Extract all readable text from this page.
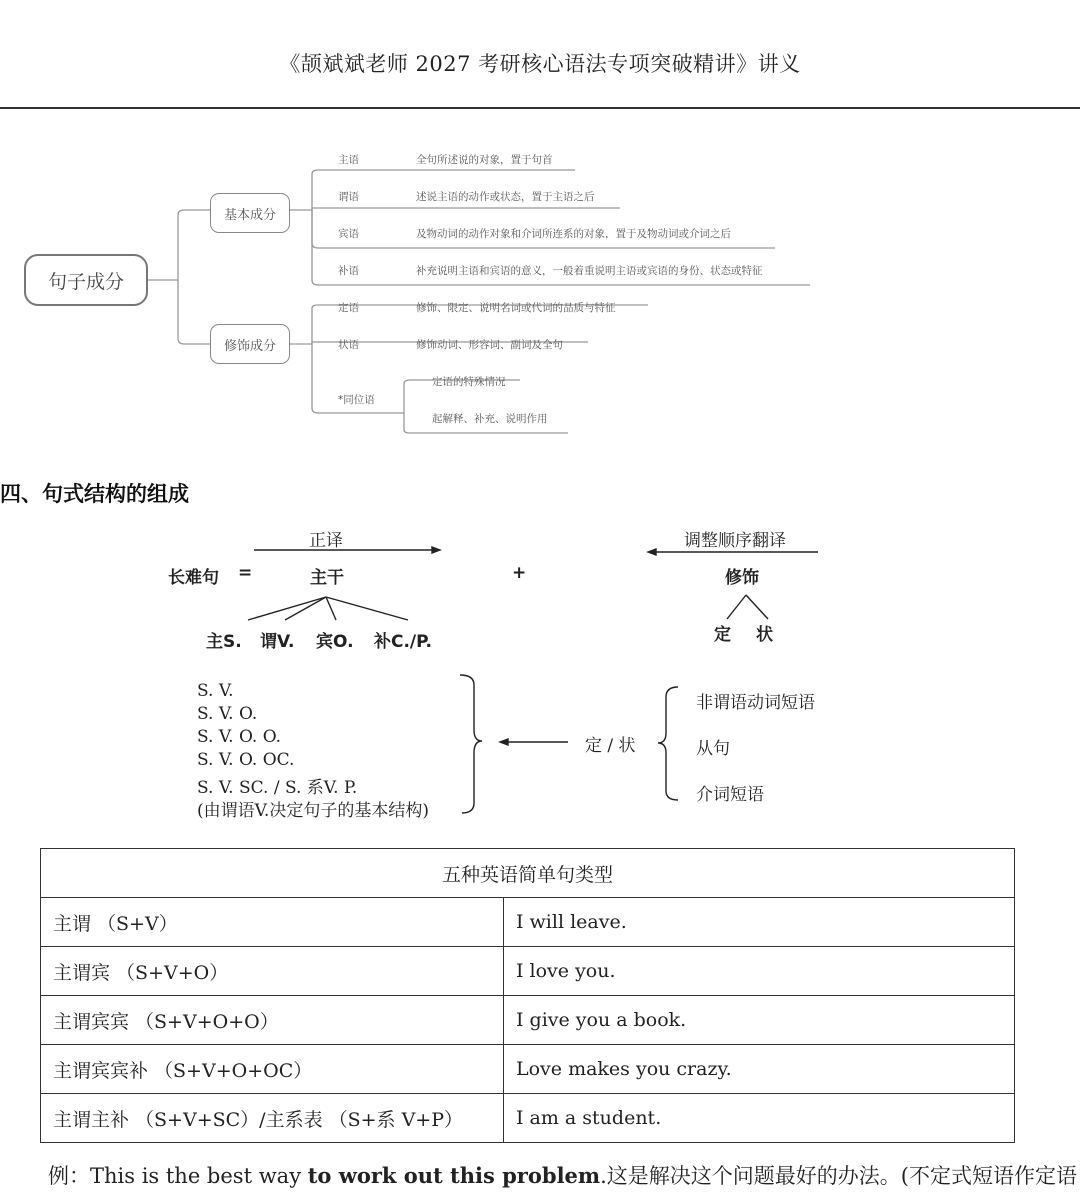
《颉斌斌老师 2027 考研核心语法专项突破精讲》讲义
句子成分
基本成分
修饰成分
主语	全句所述说的对象，置于句首
谓语	述说主语的动作或状态，置于主语之后
宾语	及物动词的动作对象和介词所连系的对象，置于及物动词或介词之后
补语	补充说明主语和宾语的意义，一般着重说明主语或宾语的身份、状态或特征
定语	修饰、限定、说明名词或代词的品质与特征
状语	修饰动词、形容词、副词及全句
*同位语
定语的特殊情况
起解释、补充、说明作用
四、句式结构的组成
正译	调整顺序翻译
长难句 =	主干	+	修饰
主S. 谓V. 宾O. 补C./P.	定 状
S. V.
S. V. O.
S. V. O. O.
S. V. O. OC.
S. V. SC. / S. 系V. P.
(由谓语V.决定句子的基本结构)
定 / 状
非谓语动词短语
从句
介词短语
五种英语简单句类型	
主谓 （S+V）	I will leave.
主谓宾 （S+V+O）	I love you.
主谓宾宾 （S+V+O+O）	I give you a book.
主谓宾宾补 （S+V+O+OC）	Love makes you crazy.
主谓主补 （S+V+SC）/主系表 （S+系 V+P）	I am a student.
例：This is the best way to work out this problem.这是解决这个问题最好的办法。(不定式短语作定语
